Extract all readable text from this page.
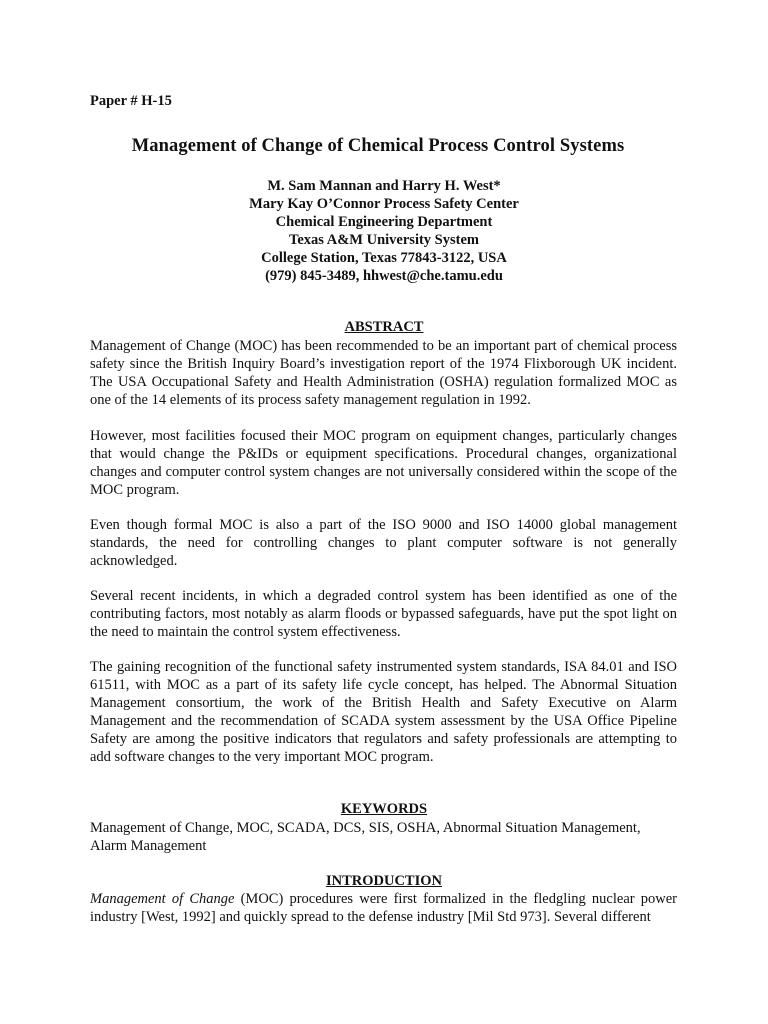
Paper # H-15
Management of Change of Chemical Process Control Systems
M. Sam Mannan and Harry H. West*
Mary Kay O’Connor Process Safety Center
Chemical Engineering Department
Texas A&M University System
College Station, Texas 77843-3122, USA
(979) 845-3489, hhwest@che.tamu.edu
ABSTRACT
Management of Change (MOC) has been recommended to be an important part of chemical process safety since the British Inquiry Board’s investigation report of the 1974 Flixborough UK incident. The USA Occupational Safety and Health Administration (OSHA) regulation formalized MOC as one of the 14 elements of its process safety management regulation in 1992.
However, most facilities focused their MOC program on equipment changes, particularly changes that would change the P&IDs or equipment specifications. Procedural changes, organizational changes and computer control system changes are not universally considered within the scope of the MOC program.
Even though formal MOC is also a part of the ISO 9000 and ISO 14000 global management standards, the need for controlling changes to plant computer software is not generally acknowledged.
Several recent incidents, in which a degraded control system has been identified as one of the contributing factors, most notably as alarm floods or bypassed safeguards, have put the spot light on the need to maintain the control system effectiveness.
The gaining recognition of the functional safety instrumented system standards, ISA 84.01 and ISO 61511, with MOC as a part of its safety life cycle concept, has helped. The Abnormal Situation Management consortium, the work of the British Health and Safety Executive on Alarm Management and the recommendation of SCADA system assessment by the USA Office Pipeline Safety are among the positive indicators that regulators and safety professionals are attempting to add software changes to the very important MOC program.
KEYWORDS
Management of Change, MOC, SCADA, DCS, SIS, OSHA, Abnormal Situation Management, Alarm Management
INTRODUCTION
Management of Change (MOC) procedures were first formalized in the fledgling nuclear power industry [West, 1992] and quickly spread to the defense industry [Mil Std 973]. Several different
